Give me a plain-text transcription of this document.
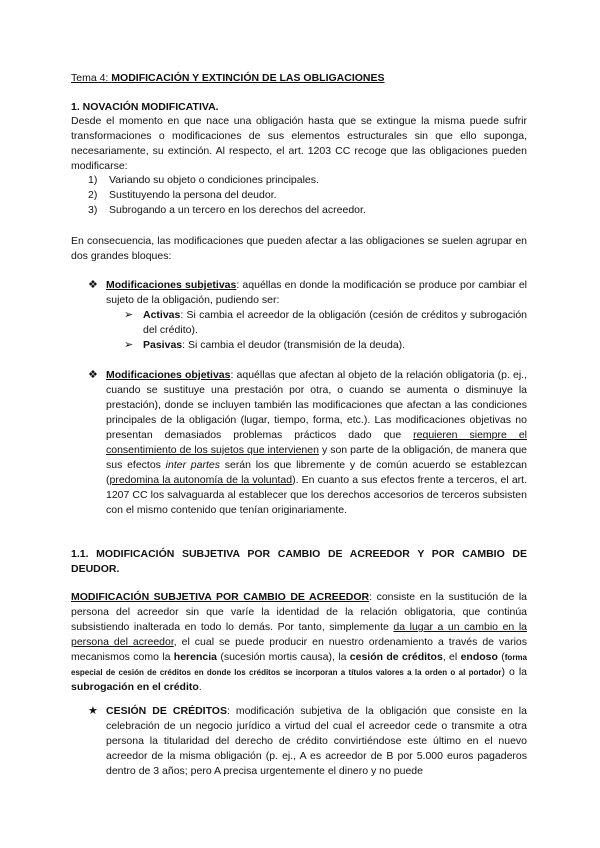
Tema 4: MODIFICACIÓN Y EXTINCIÓN DE LAS OBLIGACIONES

1. NOVACIÓN MODIFICATIVA.

Desde el momento en que nace una obligación hasta que se extingue la misma puede sufrir transformaciones o modificaciones de sus elementos estructurales sin que ello suponga, necesariamente, su extinción. Al respecto, el art. 1203 CC recoge que las obligaciones pueden modificarse:

1) Variando su objeto o condiciones principales.
2) Sustituyendo la persona del deudor.
3) Subrogando a un tercero en los derechos del acreedor.

En consecuencia, las modificaciones que pueden afectar a las obligaciones se suelen agrupar en dos grandes bloques:

❖ Modificaciones subjetivas: aquéllas en donde la modificación se produce por cambiar el sujeto de la obligación, pudiendo ser:

➢ Activas: Si cambia el acreedor de la obligación (cesión de créditos y subrogación del crédito).

➢ Pasivas: Si cambia el deudor (transmisión de la deuda).

❖ Modificaciones objetivas: aquéllas que afectan al objeto de la relación obligatoria (p. ej., cuando se sustituye una prestación por otra, o cuando se aumenta o disminuye la prestación), donde se incluyen también las modificaciones que afectan a las condiciones principales de la obligación (lugar, tiempo, forma, etc.). Las modificaciones objetivas no presentan demasiados problemas prácticos dado que requieren siempre el consentimiento de los sujetos que intervienen y son parte de la obligación, de manera que sus efectos inter partes serán los que libremente y de común acuerdo se establezcan (predomina la autonomía de la voluntad). En cuanto a sus efectos frente a terceros, el art. 1207 CC los salvaguarda al establecer que los derechos accesorios de terceros subsisten con el mismo contenido que tenían originariamente.

1.1. MODIFICACIÓN SUBJETIVA POR CAMBIO DE ACREEDOR Y POR CAMBIO DE DEUDOR.

MODIFICACIÓN SUBJETIVA POR CAMBIO DE ACREEDOR: consiste en la sustitución de la persona del acreedor sin que varíe la identidad de la relación obligatoria, que continúa subsistiendo inalterada en todo lo demás. Por tanto, simplemente da lugar a un cambio en la persona del acreedor, el cual se puede producir en nuestro ordenamiento a través de varios mecanismos como la herencia (sucesión mortis causa), la cesión de créditos, el endoso (forma especial de cesión de créditos en donde los créditos se incorporan a títulos valores a la orden o al portador) o la subrogación en el crédito.

★ CESIÓN DE CRÉDITOS: modificación subjetiva de la obligación que consiste en la celebración de un negocio jurídico a virtud del cual el acreedor cede o transmite a otra persona la titularidad del derecho de crédito convirtiéndose este último en el nuevo acreedor de la misma obligación (p. ej., A es acreedor de B por 5.000 euros pagaderos dentro de 3 años; pero A precisa urgentemente el dinero y no puede
